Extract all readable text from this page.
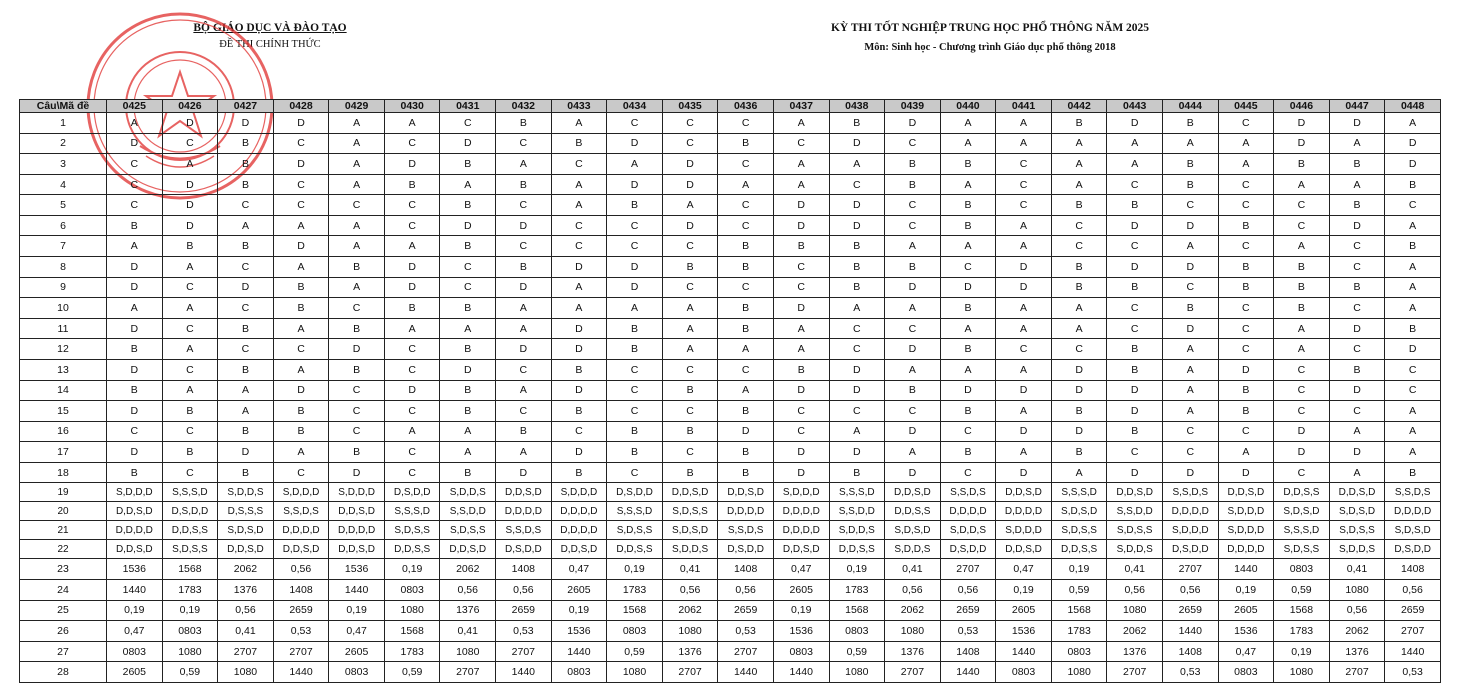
BỘ GIÁO DỤC VÀ ĐÀO TẠO
ĐỀ THI CHÍNH THỨC
KỲ THI TỐT NGHIỆP TRUNG HỌC PHỔ THÔNG NĂM 2025
Môn: Sinh học - Chương trình Giáo dục phổ thông 2018
Câu\Mã đề	0425	0426	0427	0428	0429	0430	0431	0432	0433	0434	0435	0436	0437	0438	0439	0440	0441	0442	0443	0444	0445	0446	0447	0448
1	A	D	D	D	A	A	C	B	A	C	C	C	A	B	D	A	A	B	D	B	C	D	D	A
2	D	C	B	C	A	C	D	C	B	D	C	B	C	D	C	A	A	A	A	A	A	D	A	D
3	C	A	B	D	A	D	B	A	C	A	D	C	A	A	B	B	C	A	A	B	A	B	B	D
4	C	D	B	C	A	B	A	B	A	D	D	A	A	C	B	A	C	A	C	B	C	A	A	B
5	C	D	C	C	C	C	B	C	A	B	A	C	D	D	C	B	C	B	B	C	C	C	B	C
6	B	D	A	A	A	C	D	D	C	C	D	C	D	D	C	B	A	C	D	D	B	C	D	A
7	A	B	B	D	A	A	B	C	C	C	C	B	B	B	A	A	A	C	C	A	C	A	C	B
8	D	A	C	A	B	D	C	B	D	D	B	B	C	B	B	C	D	B	D	D	B	B	C	A
9	D	C	D	B	A	D	C	D	A	D	C	C	C	B	D	D	D	B	B	C	B	B	B	A
10	A	A	C	B	C	B	B	A	A	A	A	B	D	A	A	B	A	A	C	B	C	B	C	A
11	D	C	B	A	B	A	A	A	D	B	A	B	A	C	C	A	A	A	C	D	C	A	D	B
12	B	A	C	C	D	C	B	D	D	B	A	A	A	C	D	B	C	C	B	A	C	A	C	D
13	D	C	B	A	B	C	D	C	B	C	C	C	B	D	A	A	A	D	B	A	D	C	B	C
14	B	A	A	D	C	D	B	A	D	C	B	A	D	D	B	D	D	D	D	A	B	C	D	C
15	D	B	A	B	C	C	B	C	B	C	C	B	C	C	C	B	A	B	D	A	B	C	C	A
16	C	C	B	B	C	A	A	B	C	B	B	D	C	A	D	C	D	D	B	C	C	D	A	A
17	D	B	D	A	B	C	A	A	D	B	C	B	D	D	A	B	A	B	C	C	A	D	D	A
18	B	C	B	C	D	C	B	D	B	C	B	B	D	B	D	C	D	A	D	D	D	C	A	B
19	S,D,D,D	S,S,S,D	S,D,D,S	S,D,D,D	S,D,D,D	D,S,D,D	S,D,D,S	D,D,S,D	S,D,D,D	D,S,D,D	D,D,S,D	D,D,S,D	S,D,D,D	S,S,S,D	D,D,S,D	S,S,D,S	D,D,S,D	S,S,S,D	D,D,S,D	S,S,D,S	D,D,S,D	D,D,S,S	D,D,S,D	S,S,D,S
20	D,D,S,D	D,S,D,D	D,S,S,S	S,S,D,S	D,D,S,D	S,S,S,D	S,S,D,D	D,D,D,D	D,D,D,D	S,S,S,D	S,D,S,S	D,D,D,D	D,D,D,D	S,S,D,D	D,D,S,S	D,D,D,D	D,D,D,D	S,D,S,D	S,S,D,D	D,D,D,D	S,D,D,D	S,D,S,D	S,D,S,D	D,D,D,D
21	D,D,D,D	D,D,S,S	S,D,S,D	D,D,D,D	D,D,D,D	S,D,S,S	S,D,S,S	S,S,D,S	D,D,D,D	S,D,S,S	S,D,S,D	S,S,D,S	D,D,D,D	S,D,D,S	S,D,S,D	S,D,D,S	S,D,D,D	S,D,S,S	S,D,S,S	S,D,D,D	S,D,D,D	S,S,S,D	S,D,S,S	S,D,S,D
22	D,D,S,D	S,D,S,S	D,D,S,D	D,D,S,D	D,D,S,D	D,D,S,S	D,D,S,D	D,S,D,D	D,D,S,D	D,D,S,S	S,D,D,S	D,S,D,D	D,D,S,D	D,D,S,S	S,D,D,S	D,S,D,D	D,D,S,D	D,D,S,S	S,D,D,S	D,S,D,D	D,D,D,D	S,D,S,S	S,D,D,S	D,S,D,D
23	1536	1568	2062	0,56	1536	0,19	2062	1408	0,47	0,19	0,41	1408	0,47	0,19	0,41	2707	0,47	0,19	0,41	2707	1440	0803	0,41	1408
24	1440	1783	1376	1408	1440	0803	0,56	0,56	2605	1783	0,56	0,56	2605	1783	0,56	0,56	0,19	0,59	0,56	0,56	0,19	0,59	1080	0,56
25	0,19	0,19	0,56	2659	0,19	1080	1376	2659	0,19	1568	2062	2659	0,19	1568	2062	2659	2605	1568	1080	2659	2605	1568	0,56	2659
26	0,47	0803	0,41	0,53	0,47	1568	0,41	0,53	1536	0803	1080	0,53	1536	0803	1080	0,53	1536	1783	2062	1440	1536	1783	2062	2707
27	0803	1080	2707	2707	2605	1783	1080	2707	1440	0,59	1376	2707	0803	0,59	1376	1408	1440	0803	1376	1408	0,47	0,19	1376	1440
28	2605	0,59	1080	1440	0803	0,59	2707	1440	0803	1080	2707	1440	1440	1080	2707	1440	0803	1080	2707	0,53	0803	1080	2707	0,53
